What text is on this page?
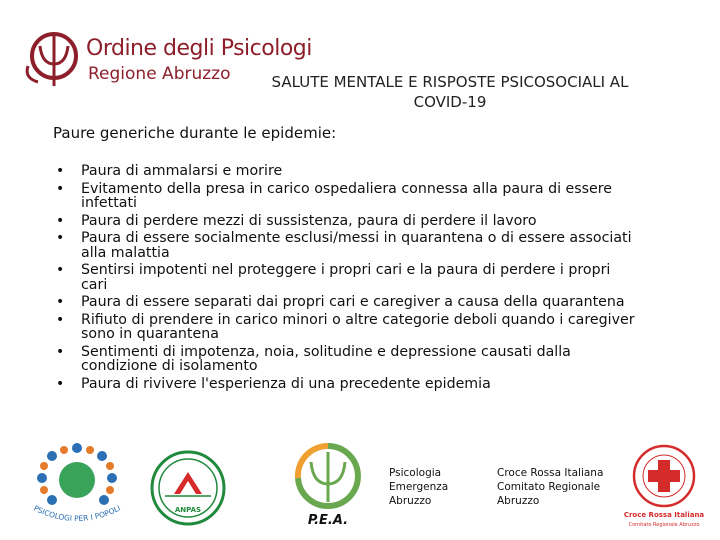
Ordine degli Psicologi
Regione Abruzzo	SALUTE MENTALE E RISPOSTE PSICOSOCIALI AL
COVID-19
Paure generiche durante le epidemie:
• Paura di ammalarsi e morire
• Evitamento della presa in carico ospedaliera connessa alla paura di essere
infettati
• Paura di perdere mezzi di sussistenza, paura di perdere il lavoro
• Paura di essere socialmente esclusi/messi in quarantena o di essere associati
alla malattia
• Sentirsi impotenti nel proteggere i propri cari e la paura di perdere i propri
cari
• Paura di essere separati dai propri cari e caregiver a causa della quarantena
• Rifiuto di prendere in carico minori o altre categorie deboli quando i caregiver
sono in quarantena
• Sentimenti di impotenza, noia, solitudine e depressione causati dalla
condizione di isolamento
• Paura di rivivere l'esperienza di una precedente epidemia
PSICOLOGI PER I POPOLI	ANPAS
P.E.A.
Psicologia
Emergenza
Abruzzo
Croce Rossa Italiana
Comitato Regionale
Abruzzo
Croce Rossa Italiana
Comitato Regionale Abruzzo
